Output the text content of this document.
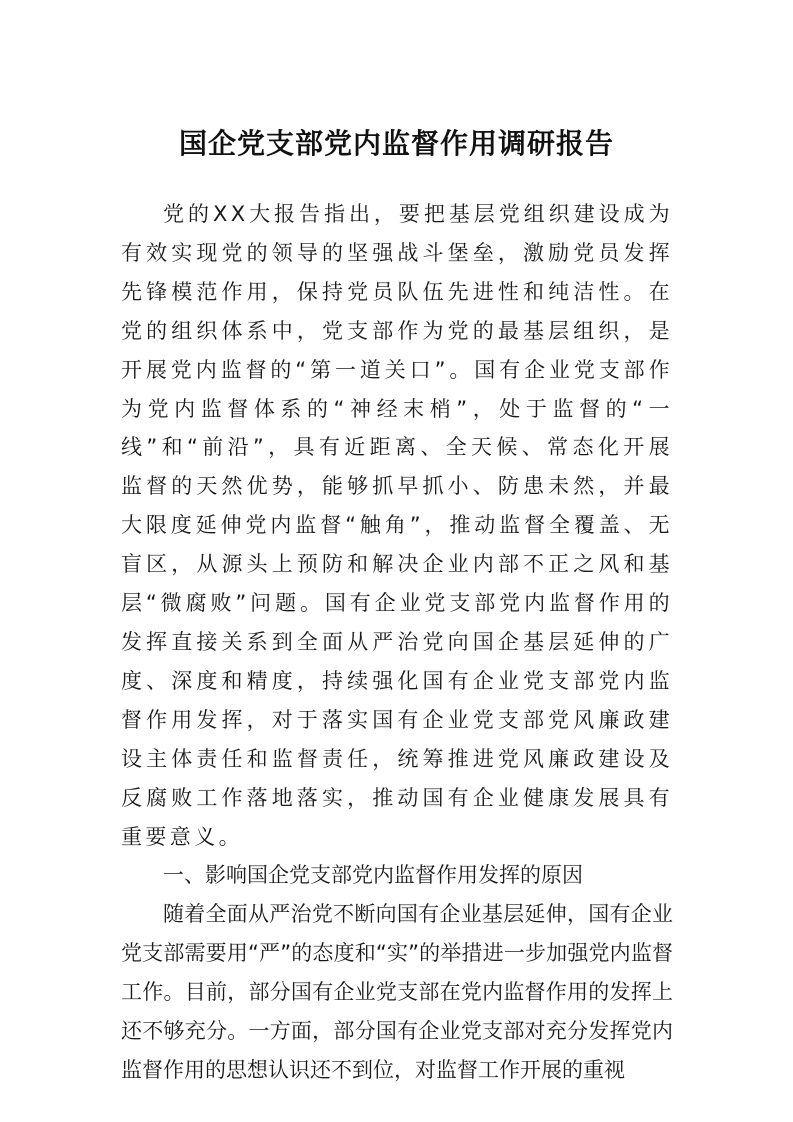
国企党支部党内监督作用调研报告

党的XX大报告指出，要把基层党组织建设成为有效实现党的领导的坚强战斗堡垒，激励党员发挥先锋模范作用，保持党员队伍先进性和纯洁性。在党的组织体系中，党支部作为党的最基层组织，是开展党内监督的“第一道关口”。国有企业党支部作为党内监督体系的“神经末梢”，处于监督的“一线”和“前沿”，具有近距离、全天候、常态化开展监督的天然优势，能够抓早抓小、防患未然，并最大限度延伸党内监督“触角”，推动监督全覆盖、无盲区，从源头上预防和解决企业内部不正之风和基层“微腐败”问题。国有企业党支部党内监督作用的发挥直接关系到全面从严治党向国企基层延伸的广度、深度和精度，持续强化国有企业党支部党内监督作用发挥，对于落实国有企业党支部党风廉政建设主体责任和监督责任，统筹推进党风廉政建设及反腐败工作落地落实，推动国有企业健康发展具有重要意义。

一、影响国企党支部党内监督作用发挥的原因

随着全面从严治党不断向国有企业基层延伸，国有企业党支部需要用“严”的态度和“实”的举措进一步加强党内监督工作。目前，部分国有企业党支部在党内监督作用的发挥上还不够充分。一方面，部分国有企业党支部对充分发挥党内监督作用的思想认识还不到位，对监督工作开展的重视
